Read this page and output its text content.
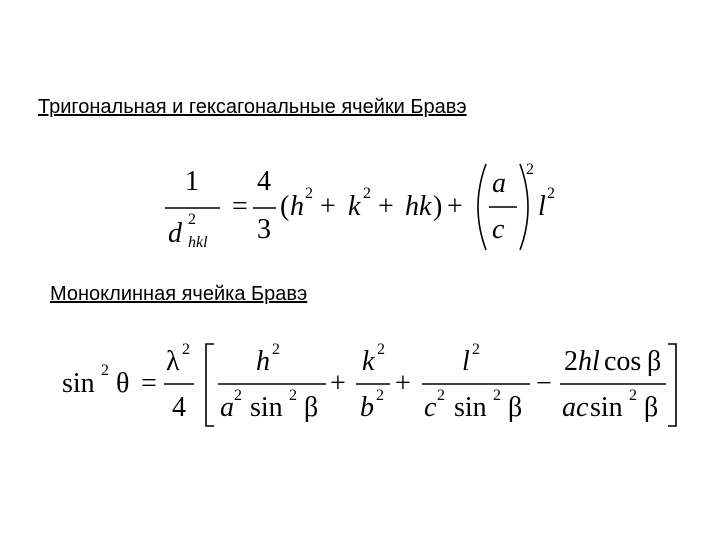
Тригональная и гексагональные ячейки Бравэ
1
d 2
hkl
=
4
3
( h 2 + k 2 + hk ) +
a
c
2
l 2
Моноклинная ячейка Бравэ
sin 2 θ =
λ 2
4
h 2
a 2 sin 2 β
+
k 2
b 2 +
l 2
c 2 sin 2 β
−
2 hl cos β
ac sin 2 β
